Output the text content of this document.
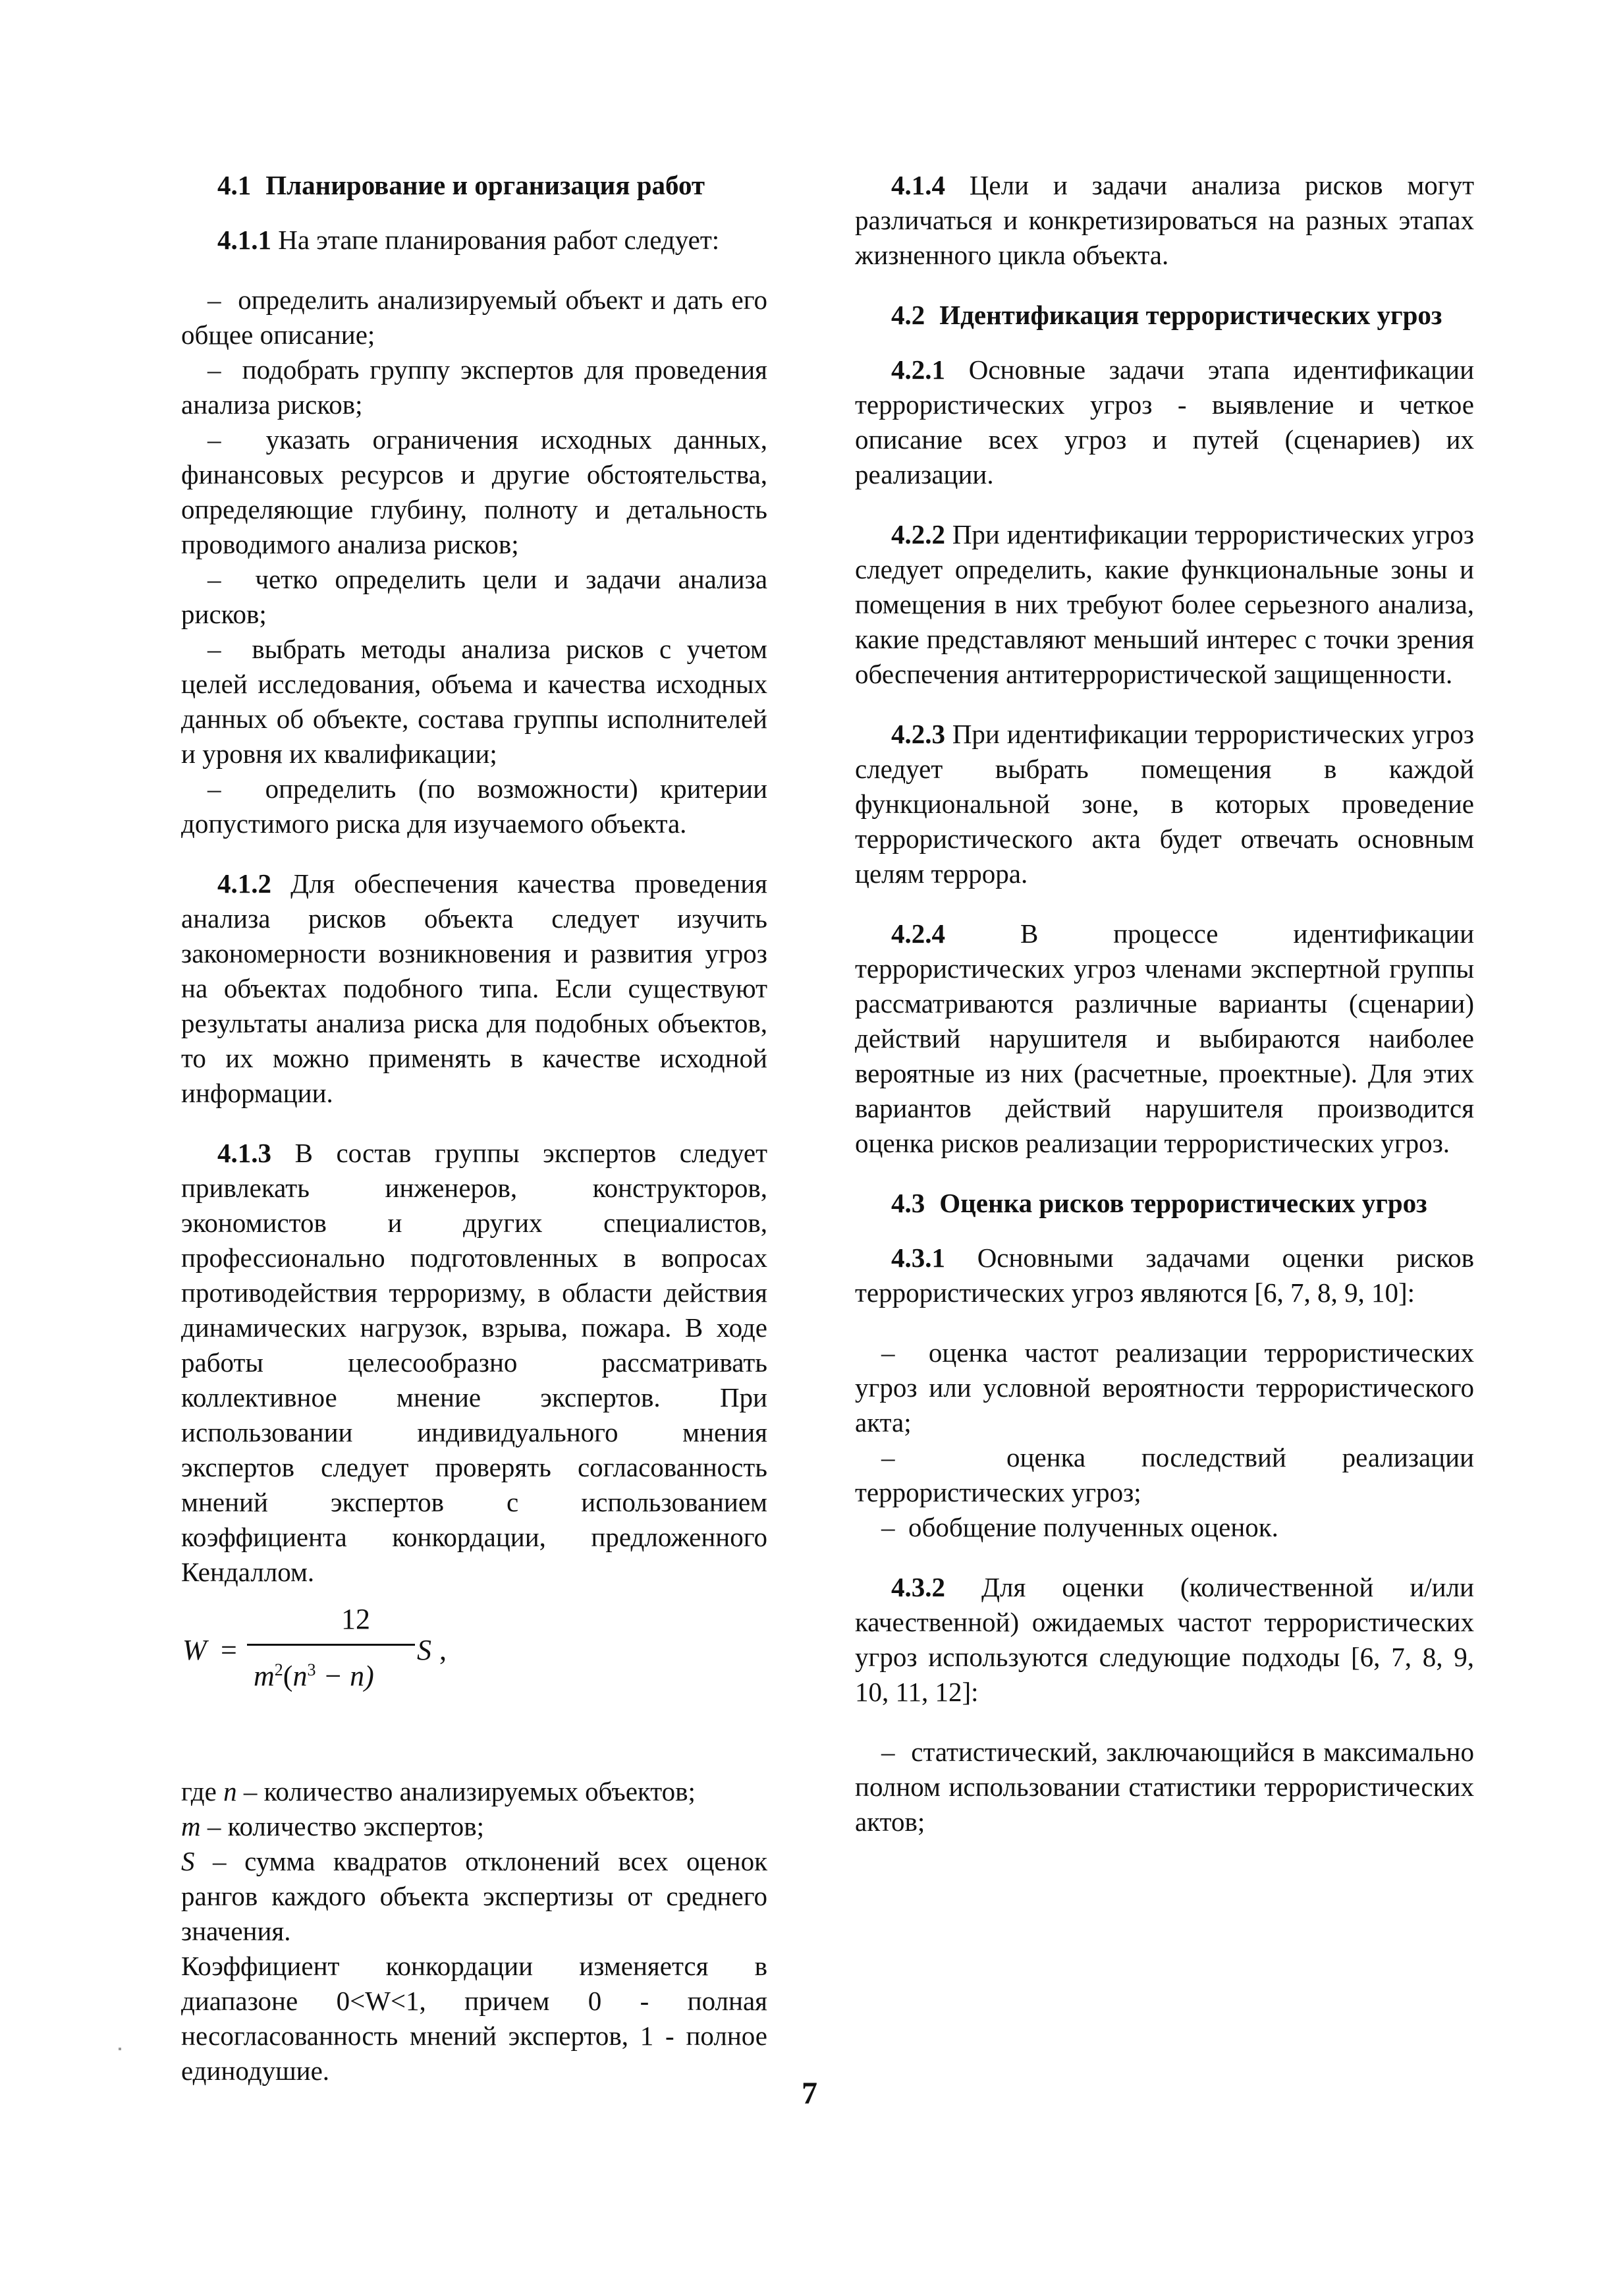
4.1 Планирование и организация работ

4.1.1 На этапе планирования работ следует:

–  определить анализируемый объект и дать его общее описание;

–  подобрать группу экспертов для проведения анализа рисков;

–  указать ограничения исходных данных, финансовых ресурсов и другие обстоятельства, определяющие глубину, полноту и детальность проводимого анализа рисков;

–  четко определить цели и задачи анализа рисков;

–  выбрать методы анализа рисков с учетом целей исследования, объема и качества исходных данных об объекте, состава группы исполнителей и уровня их квалификации;

–  определить (по возможности) критерии допустимого риска для изучаемого объекта.

4.1.2 Для обеспечения качества проведения анализа рисков объекта следует изучить закономерности возникновения и развития угроз на объектах подобного типа. Если существуют результаты анализа риска для подобных объектов, то их можно применять в качестве исходной информации.

4.1.3 В состав группы экспертов следует привлекать инженеров, конструкторов, экономистов и других специалистов, профессионально подготовленных в вопросах противодействия терроризму, в области действия динамических нагрузок, взрыва, пожара. В ходе работы целесообразно рассматривать коллективное мнение экспертов. При использовании индивидуального мнения экспертов следует проверять согласованность мнений экспертов с использованием коэффициента конкордации, предложенного Кендаллом.

W =
12
$m^2(n^3 - n)$
S ,

где n – количество анализируемых объектов;

m – количество экспертов;

S – сумма квадратов отклонений всех оценок рангов каждого объекта экспертизы от среднего значения.

Коэффициент конкордации изменяется в диапазоне 0<W<1, причем 0 - полная несогласованность мнений экспертов, 1 - полное единодушие.

4.1.4 Цели и задачи анализа рисков могут различаться и конкретизироваться на разных этапах жизненного цикла объекта.

4.2 Идентификация террористических угроз

4.2.1 Основные задачи этапа идентификации террористических угроз - выявление и четкое описание всех угроз и путей (сценариев) их реализации.

4.2.2 При идентификации террористических угроз следует определить, какие функциональные зоны и помещения в них требуют более серьезного анализа, какие представляют меньший интерес с точки зрения обеспечения антитеррористической защищенности.

4.2.3 При идентификации террористических угроз следует выбрать помещения в каждой функциональной зоне, в которых проведение террористического акта будет отвечать основным целям террора.

4.2.4	В процессе идентификации террористических угроз членами экспертной группы рассматриваются различные варианты (сценарии) действий нарушителя и выбираются наиболее вероятные из них (расчетные, проектные). Для этих вариантов действий нарушителя производится оценка рисков реализации террористических угроз.

4.3 Оценка рисков террористических угроз

4.3.1 Основными задачами оценки рисков террористических угроз являются [6, 7, 8, 9, 10]:

–  оценка частот реализации террористических угроз или условной вероятности террористического акта;

–  оценка последствий реализации террористических угроз;

–  обобщение полученных оценок.

4.3.2 Для оценки (количественной и/или качественной) ожидаемых частот террористических угроз используются следующие подходы [6, 7, 8, 9, 10, 11, 12]:

–  статистический, заключающийся в максимально полном использовании статистики террористических актов;

7
